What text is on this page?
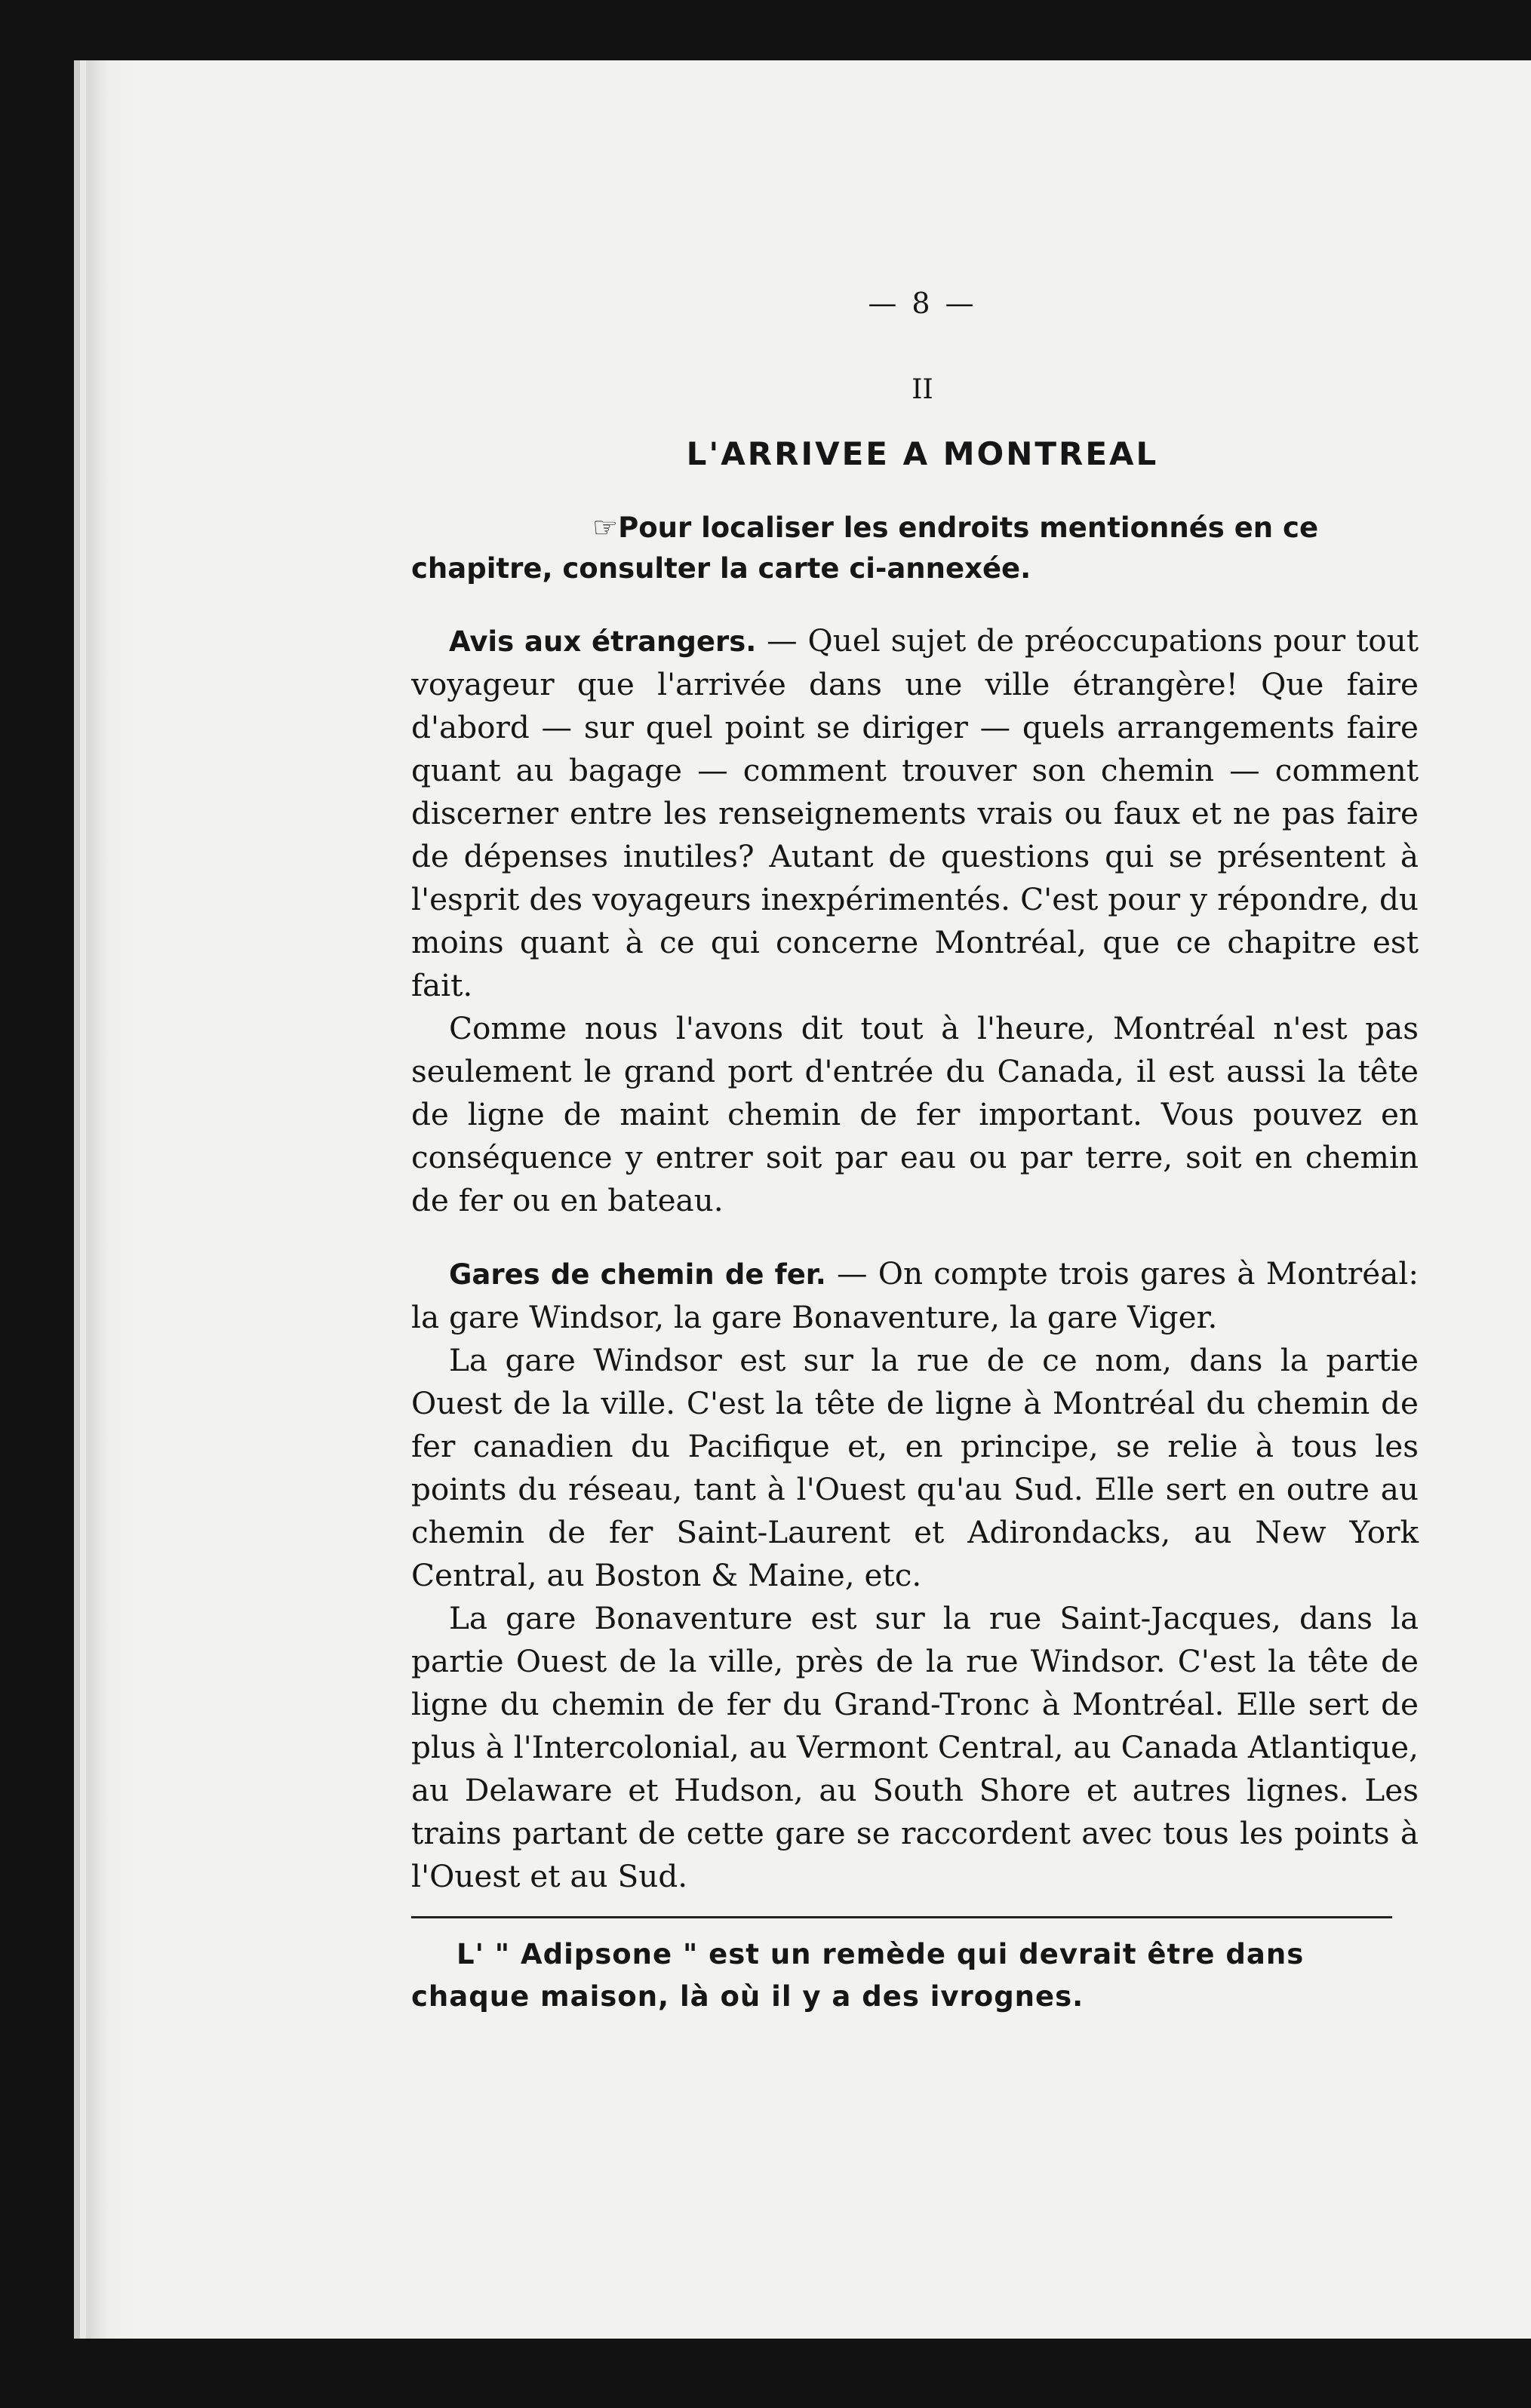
— 8 —
II
L'ARRIVEE A MONTREAL
☞Pour localiser les endroits mentionnés en ce chapitre, consulter la carte ci-annexée.

Avis aux étrangers. — Quel sujet de préoccupations pour tout voyageur que l'arrivée dans une ville étrangère! Que faire d'abord — sur quel point se diriger — quels arrangements faire quant au bagage — comment trouver son chemin — comment discerner entre les renseignements vrais ou faux et ne pas faire de dépenses inutiles? Autant de questions qui se présentent à l'esprit des voyageurs inexpérimentés. C'est pour y répondre, du moins quant à ce qui concerne Montréal, que ce chapitre est fait.

Comme nous l'avons dit tout à l'heure, Montréal n'est pas seulement le grand port d'entrée du Canada, il est aussi la tête de ligne de maint chemin de fer important. Vous pouvez en conséquence y entrer soit par eau ou par terre, soit en chemin de fer ou en bateau.

Gares de chemin de fer. — On compte trois gares à Montréal: la gare Windsor, la gare Bonaventure, la gare Viger.

La gare Windsor est sur la rue de ce nom, dans la partie Ouest de la ville. C'est la tête de ligne à Montréal du chemin de fer canadien du Pacifique et, en principe, se relie à tous les points du réseau, tant à l'Ouest qu'au Sud. Elle sert en outre au chemin de fer Saint-Laurent et Adirondacks, au New York Central, au Boston & Maine, etc.

La gare Bonaventure est sur la rue Saint-Jacques, dans la partie Ouest de la ville, près de la rue Windsor. C'est la tête de ligne du chemin de fer du Grand-Tronc à Montréal. Elle sert de plus à l'Intercolonial, au Vermont Central, au Canada Atlantique, au Delaware et Hudson, au South Shore et autres lignes. Les trains partant de cette gare se raccordent avec tous les points à l'Ouest et au Sud.

L' " Adipsone " est un remède qui devrait être dans chaque maison, là où il y a des ivrognes.
